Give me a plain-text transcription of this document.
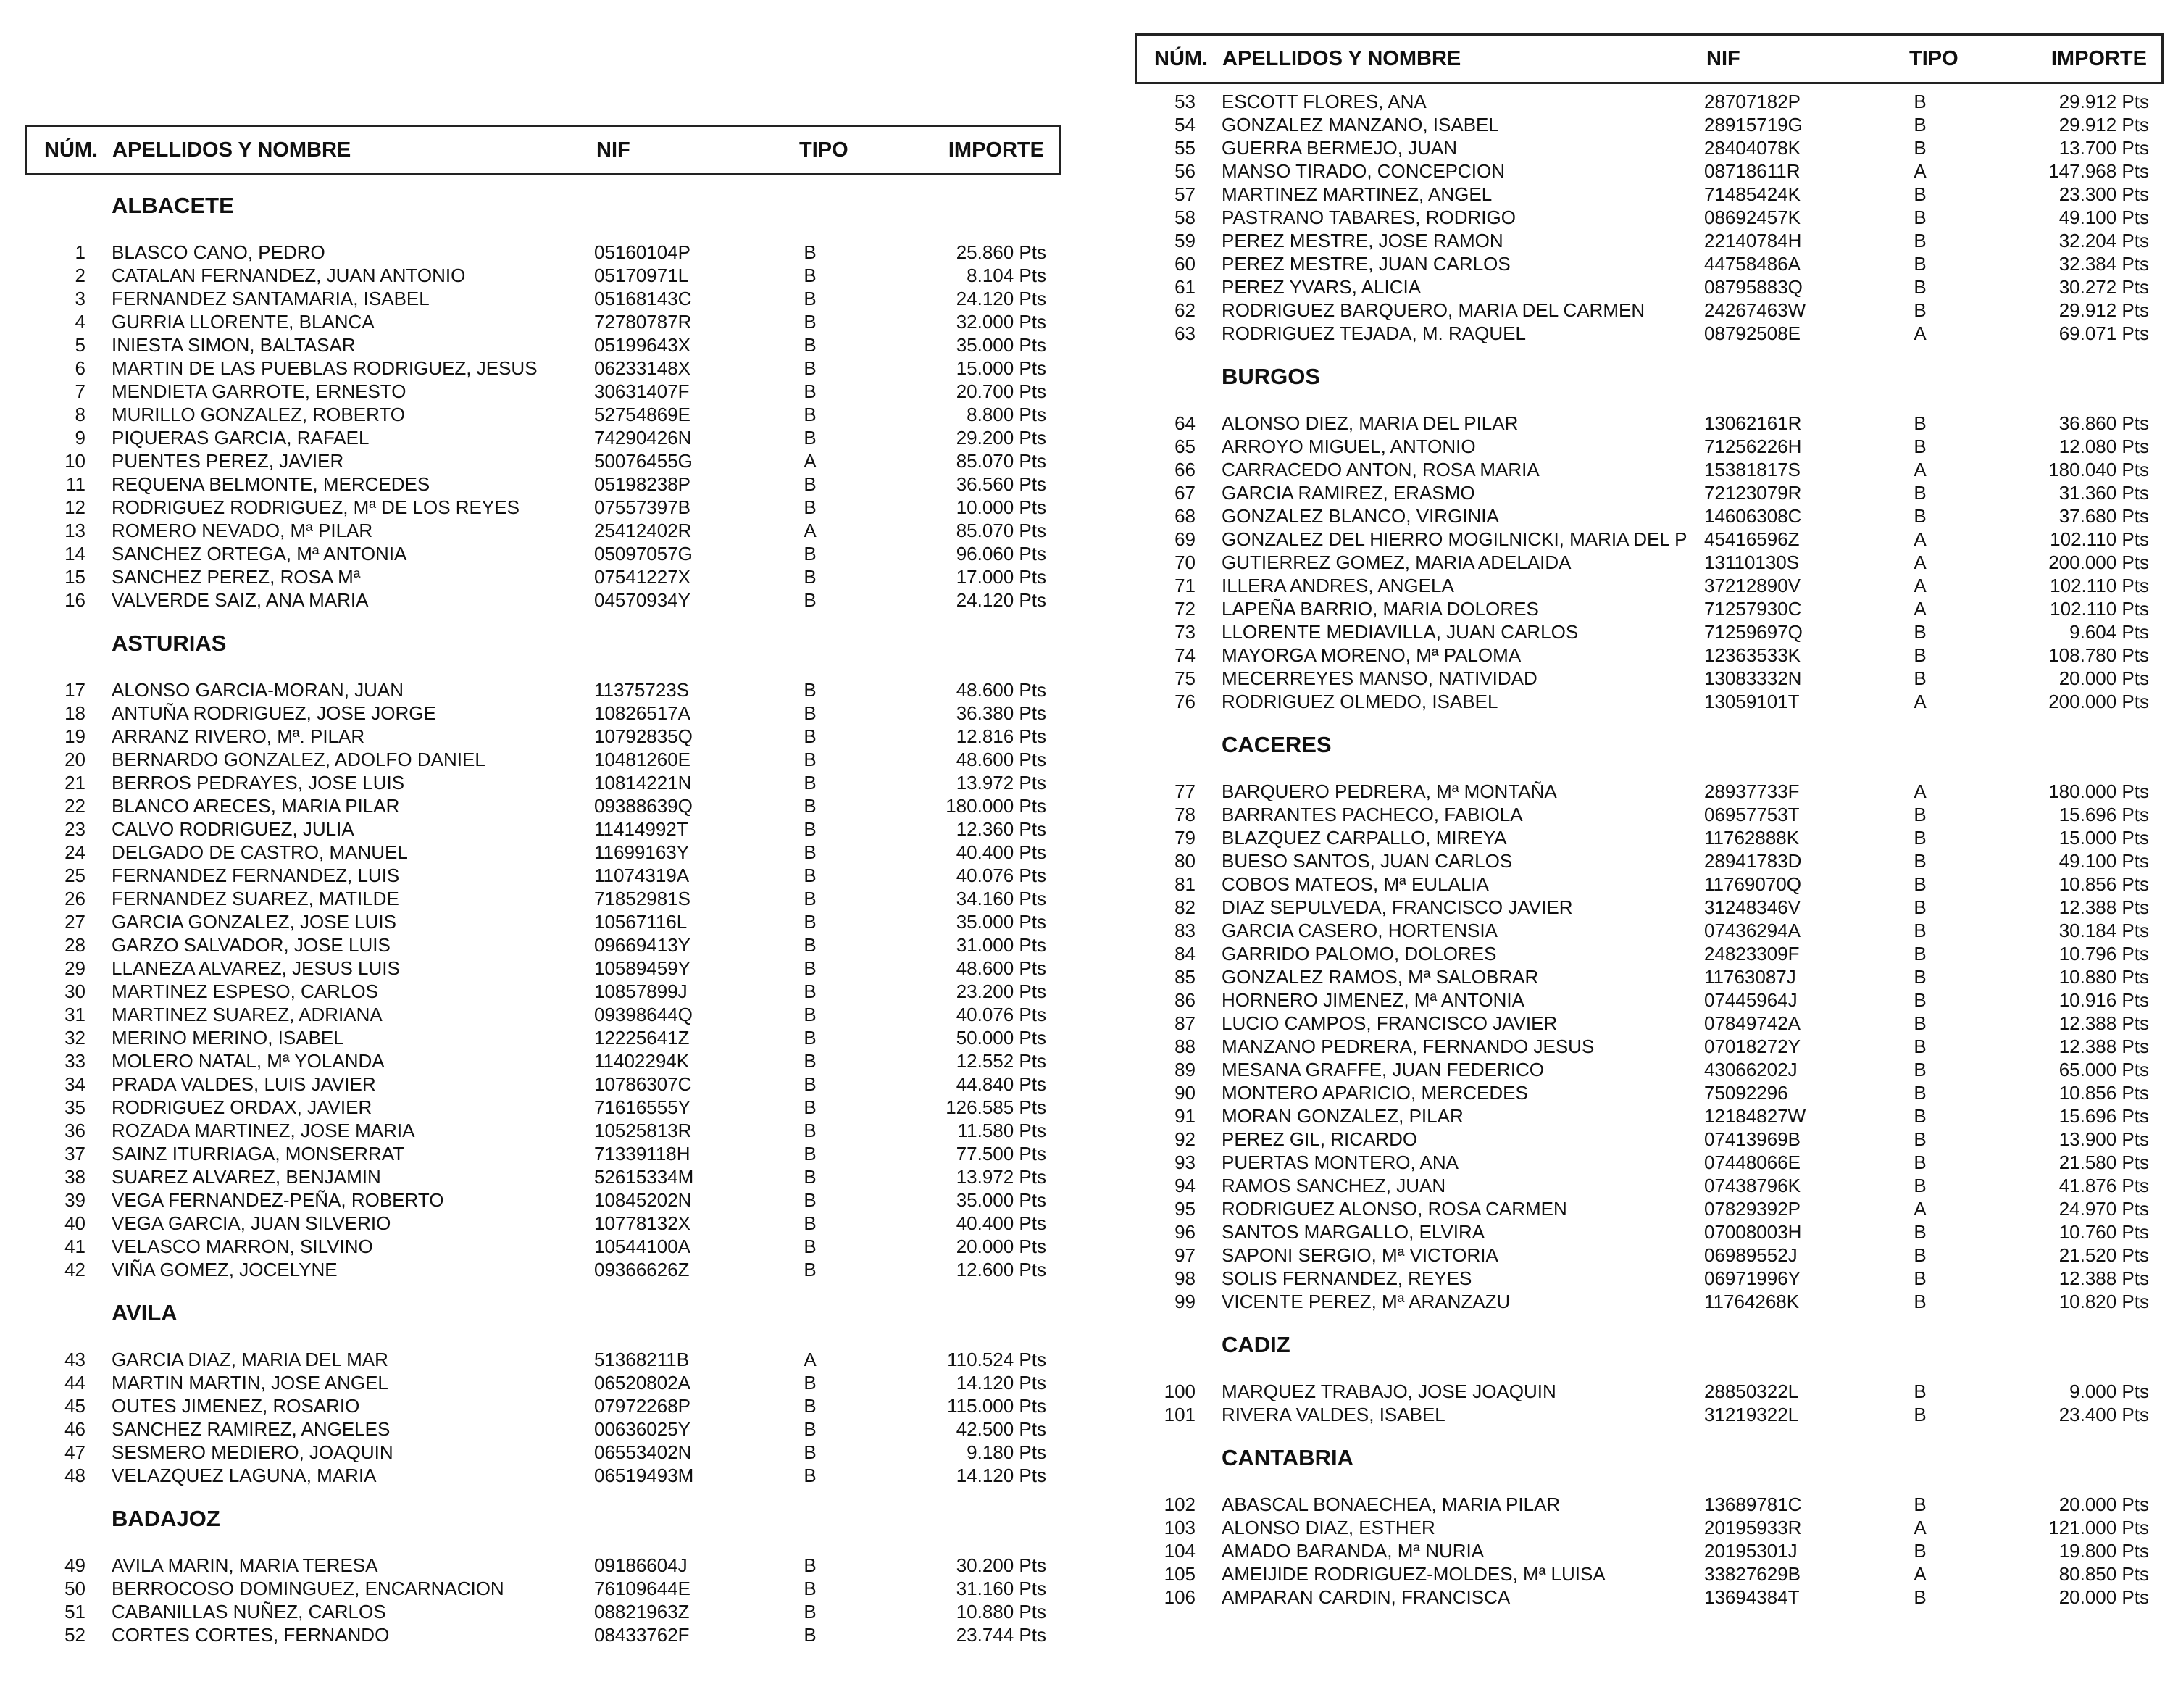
NÚM. APELLIDOS Y NOMBRE	NIF	TIPO	IMPORTE
ALBACETE
1 BLASCO CANO, PEDRO	05160104P	B	25.860 Pts
2 CATALAN FERNANDEZ, JUAN ANTONIO	05170971L	B	8.104 Pts
3 FERNANDEZ SANTAMARIA, ISABEL	05168143C	B	24.120 Pts
4 GURRIA LLORENTE, BLANCA	72780787R	B	32.000 Pts
5 INIESTA SIMON, BALTASAR	05199643X	B	35.000 Pts
6 MARTIN DE LAS PUEBLAS RODRIGUEZ, JESUS	06233148X	B	15.000 Pts
7 MENDIETA GARROTE, ERNESTO	30631407F	B	20.700 Pts
8 MURILLO GONZALEZ, ROBERTO	52754869E	B	8.800 Pts
9 PIQUERAS GARCIA, RAFAEL	74290426N	B	29.200 Pts
10 PUENTES PEREZ, JAVIER	50076455G	A	85.070 Pts
11 REQUENA BELMONTE, MERCEDES	05198238P	B	36.560 Pts
12 RODRIGUEZ RODRIGUEZ, Mª DE LOS REYES	07557397B	B	10.000 Pts
13 ROMERO NEVADO, Mª PILAR	25412402R	A	85.070 Pts
14 SANCHEZ ORTEGA, Mª ANTONIA	05097057G	B	96.060 Pts
15 SANCHEZ PEREZ, ROSA Mª	07541227X	B	17.000 Pts
16 VALVERDE SAIZ, ANA MARIA	04570934Y	B	24.120 Pts
ASTURIAS
17 ALONSO GARCIA-MORAN, JUAN	11375723S	B	48.600 Pts
18 ANTUÑA RODRIGUEZ, JOSE JORGE	10826517A	B	36.380 Pts
19 ARRANZ RIVERO, Mª. PILAR	10792835Q	B	12.816 Pts
20 BERNARDO GONZALEZ, ADOLFO DANIEL	10481260E	B	48.600 Pts
21 BERROS PEDRAYES, JOSE LUIS	10814221N	B	13.972 Pts
22 BLANCO ARECES, MARIA PILAR	09388639Q	B	180.000 Pts
23 CALVO RODRIGUEZ, JULIA	11414992T	B	12.360 Pts
24 DELGADO DE CASTRO, MANUEL	11699163Y	B	40.400 Pts
25 FERNANDEZ FERNANDEZ, LUIS	11074319A	B	40.076 Pts
26 FERNANDEZ SUAREZ, MATILDE	71852981S	B	34.160 Pts
27 GARCIA GONZALEZ, JOSE LUIS	10567116L	B	35.000 Pts
28 GARZO SALVADOR, JOSE LUIS	09669413Y	B	31.000 Pts
29 LLANEZA ALVAREZ, JESUS LUIS	10589459Y	B	48.600 Pts
30 MARTINEZ ESPESO, CARLOS	10857899J	B	23.200 Pts
31 MARTINEZ SUAREZ, ADRIANA	09398644Q	B	40.076 Pts
32 MERINO MERINO, ISABEL	12225641Z	B	50.000 Pts
33 MOLERO NATAL, Mª YOLANDA	11402294K	B	12.552 Pts
34 PRADA VALDES, LUIS JAVIER	10786307C	B	44.840 Pts
35 RODRIGUEZ ORDAX, JAVIER	71616555Y	B	126.585 Pts
36 ROZADA MARTINEZ, JOSE MARIA	10525813R	B	11.580 Pts
37 SAINZ ITURRIAGA, MONSERRAT	71339118H	B	77.500 Pts
38 SUAREZ ALVAREZ, BENJAMIN	52615334M	B	13.972 Pts
39 VEGA FERNANDEZ-PEÑA, ROBERTO	10845202N	B	35.000 Pts
40 VEGA GARCIA, JUAN SILVERIO	10778132X	B	40.400 Pts
41 VELASCO MARRON, SILVINO	10544100A	B	20.000 Pts
42 VIÑA GOMEZ, JOCELYNE	09366626Z	B	12.600 Pts
AVILA
43 GARCIA DIAZ, MARIA DEL MAR	51368211B	A	110.524 Pts
44 MARTIN MARTIN, JOSE ANGEL	06520802A	B	14.120 Pts
45 OUTES JIMENEZ, ROSARIO	07972268P	B	115.000 Pts
46 SANCHEZ RAMIREZ, ANGELES	00636025Y	B	42.500 Pts
47 SESMERO MEDIERO, JOAQUIN	06553402N	B	9.180 Pts
48 VELAZQUEZ LAGUNA, MARIA	06519493M	B	14.120 Pts
BADAJOZ
49 AVILA MARIN, MARIA TERESA	09186604J	B	30.200 Pts
50 BERROCOSO DOMINGUEZ, ENCARNACION	76109644E	B	31.160 Pts
51 CABANILLAS NUÑEZ, CARLOS	08821963Z	B	10.880 Pts
52 CORTES CORTES, FERNANDO	08433762F	B	23.744 Pts
NÚM. APELLIDOS Y NOMBRE	NIF	TIPO	IMPORTE
53 ESCOTT FLORES, ANA	28707182P	B	29.912 Pts
54 GONZALEZ MANZANO, ISABEL	28915719G	B	29.912 Pts
55 GUERRA BERMEJO, JUAN	28404078K	B	13.700 Pts
56 MANSO TIRADO, CONCEPCION	08718611R	A	147.968 Pts
57 MARTINEZ MARTINEZ, ANGEL	71485424K	B	23.300 Pts
58 PASTRANO TABARES, RODRIGO	08692457K	B	49.100 Pts
59 PEREZ MESTRE, JOSE RAMON	22140784H	B	32.204 Pts
60 PEREZ MESTRE, JUAN CARLOS	44758486A	B	32.384 Pts
61 PEREZ YVARS, ALICIA	08795883Q	B	30.272 Pts
62 RODRIGUEZ BARQUERO, MARIA DEL CARMEN	24267463W	B	29.912 Pts
63 RODRIGUEZ TEJADA, M. RAQUEL	08792508E	A	69.071 Pts
BURGOS
64 ALONSO DIEZ, MARIA DEL PILAR	13062161R	B	36.860 Pts
65 ARROYO MIGUEL, ANTONIO	71256226H	B	12.080 Pts
66 CARRACEDO ANTON, ROSA MARIA	15381817S	A	180.040 Pts
67 GARCIA RAMIREZ, ERASMO	72123079R	B	31.360 Pts
68 GONZALEZ BLANCO, VIRGINIA	14606308C	B	37.680 Pts
69 GONZALEZ DEL HIERRO MOGILNICKI, MARIA DEL P 45416596Z	A	102.110 Pts
70 GUTIERREZ GOMEZ, MARIA ADELAIDA	13110130S	A	200.000 Pts
71 ILLERA ANDRES, ANGELA	37212890V	A	102.110 Pts
72 LAPEÑA BARRIO, MARIA DOLORES	71257930C	A	102.110 Pts
73 LLORENTE MEDIAVILLA, JUAN CARLOS	71259697Q	B	9.604 Pts
74 MAYORGA MORENO, Mª PALOMA	12363533K	B	108.780 Pts
75 MECERREYES MANSO, NATIVIDAD	13083332N	B	20.000 Pts
76 RODRIGUEZ OLMEDO, ISABEL	13059101T	A	200.000 Pts
CACERES
77 BARQUERO PEDRERA, Mª MONTAÑA	28937733F	A	180.000 Pts
78 BARRANTES PACHECO, FABIOLA	06957753T	B	15.696 Pts
79 BLAZQUEZ CARPALLO, MIREYA	11762888K	B	15.000 Pts
80 BUESO SANTOS, JUAN CARLOS	28941783D	B	49.100 Pts
81 COBOS MATEOS, Mª EULALIA	11769070Q	B	10.856 Pts
82 DIAZ SEPULVEDA, FRANCISCO JAVIER	31248346V	B	12.388 Pts
83 GARCIA CASERO, HORTENSIA	07436294A	B	30.184 Pts
84 GARRIDO PALOMO, DOLORES	24823309F	B	10.796 Pts
85 GONZALEZ RAMOS, Mª SALOBRAR	11763087J	B	10.880 Pts
86 HORNERO JIMENEZ, Mª ANTONIA	07445964J	B	10.916 Pts
87 LUCIO CAMPOS, FRANCISCO JAVIER	07849742A	B	12.388 Pts
88 MANZANO PEDRERA, FERNANDO JESUS	07018272Y	B	12.388 Pts
89 MESANA GRAFFE, JUAN FEDERICO	43066202J	B	65.000 Pts
90 MONTERO APARICIO, MERCEDES	75092296	B	10.856 Pts
91 MORAN GONZALEZ, PILAR	12184827W	B	15.696 Pts
92 PEREZ GIL, RICARDO	07413969B	B	13.900 Pts
93 PUERTAS MONTERO, ANA	07448066E	B	21.580 Pts
94 RAMOS SANCHEZ, JUAN	07438796K	B	41.876 Pts
95 RODRIGUEZ ALONSO, ROSA CARMEN	07829392P	A	24.970 Pts
96 SANTOS MARGALLO, ELVIRA	07008003H	B	10.760 Pts
97 SAPONI SERGIO, Mª VICTORIA	06989552J	B	21.520 Pts
98 SOLIS FERNANDEZ, REYES	06971996Y	B	12.388 Pts
99 VICENTE PEREZ, Mª ARANZAZU	11764268K	B	10.820 Pts
CADIZ
100 MARQUEZ TRABAJO, JOSE JOAQUIN	28850322L	B	9.000 Pts
101 RIVERA VALDES, ISABEL	31219322L	B	23.400 Pts
CANTABRIA
102 ABASCAL BONAECHEA, MARIA PILAR	13689781C	B	20.000 Pts
103 ALONSO DIAZ, ESTHER	20195933R	A	121.000 Pts
104 AMADO BARANDA, Mª NURIA	20195301J	B	19.800 Pts
105 AMEIJIDE RODRIGUEZ-MOLDES, Mª LUISA	33827629B	A	80.850 Pts
106 AMPARAN CARDIN, FRANCISCA	13694384T	B	20.000 Pts
